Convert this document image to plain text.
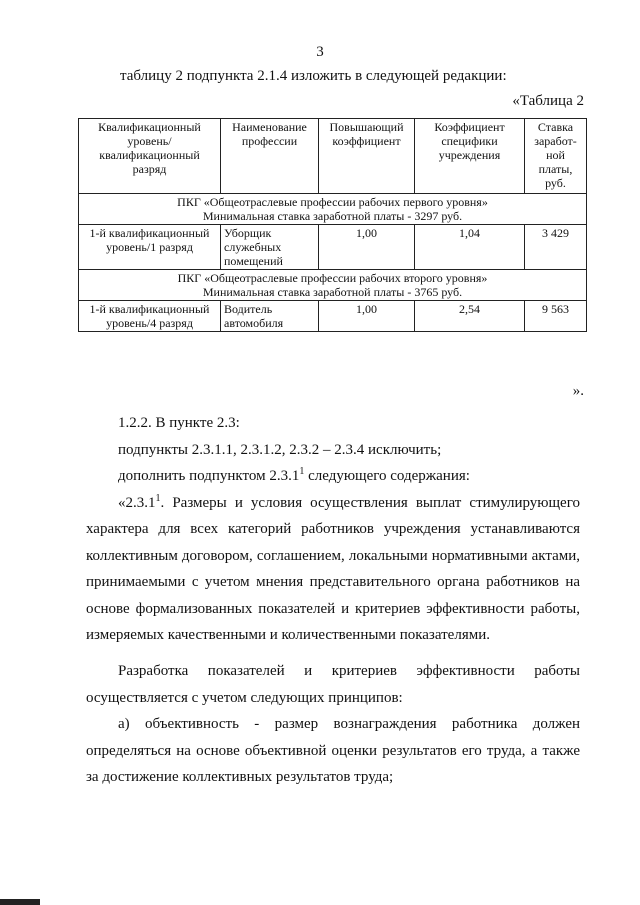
3
таблицу 2 подпункта 2.1.4 изложить в следующей редакции:
«Таблица 2
Квалификационный уровень/ квалификационный разряд	Наименование профессии	Повышающий коэффициент	Коэффициент специфики учреждения	Ставка заработ-ной платы, руб.

ПКГ «Общеотраслевые профессии рабочих первого уровня»
Минимальная ставка заработной платы - 3297 руб.				

1-й квалификационный уровень/1 разряд	Уборщик служебных помещений	1,00	1,04	3 429

ПКГ «Общеотраслевые профессии рабочих второго уровня»
Минимальная ставка заработной платы - 3765 руб.				

1-й квалификационный уровень/4 разряд	Водитель автомобиля	1,00	2,54	9 563
».

1.2.2. В пункте 2.3:

подпункты 2.3.1.1, 2.3.1.2, 2.3.2 – 2.3.4 исключить;

дополнить подпунктом 2.3.1$^1$ следующего содержания:

«2.3.1$^1$. Размеры и условия осуществления выплат стимулирующего характера для всех категорий работников учреждения устанавливаются коллективным договором, соглашением, локальными нормативными актами, принимаемыми с учетом мнения представительного органа работников на основе формализованных показателей и критериев эффективности работы, измеряемых качественными и количественными показателями.

Разработка показателей и критериев эффективности работы осуществляется с учетом следующих принципов:

а) объективность - размер вознаграждения работника должен определяться на основе объективной оценки результатов его труда, а также за достижение коллективных результатов труда;
